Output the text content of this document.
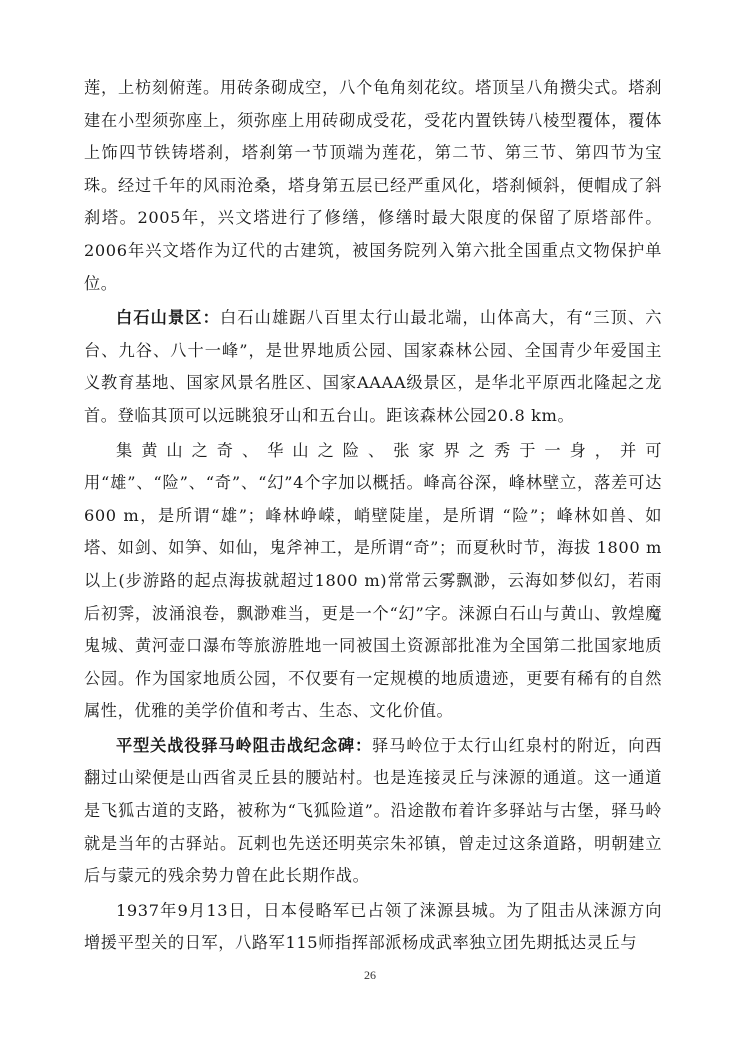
莲，上枋刻俯莲。用砖条砌成空，八个龟角刻花纹。塔顶呈八角攒尖式。塔刹建在小型须弥座上，须弥座上用砖砌成受花，受花内置铁铸八棱型覆体，覆体上饰四节铁铸塔刹，塔刹第一节顶端为莲花，第二节、第三节、第四节为宝珠。经过千年的风雨沧桑，塔身第五层已经严重风化，塔刹倾斜，便帽成了斜刹塔。2005年，兴文塔进行了修缮，修缮时最大限度的保留了原塔部件。2006年兴文塔作为辽代的古建筑，被国务院列入第六批全国重点文物保护单位。

白石山景区：白石山雄踞八百里太行山最北端，山体高大，有“三顶、六台、九谷、八十一峰”，是世界地质公园、国家森林公园、全国青少年爱国主义教育基地、国家风景名胜区、国家AAAA级景区，是华北平原西北隆起之龙首。登临其顶可以远眺狼牙山和五台山。距该森林公园20.8 km。

集黄山之奇、华山之险、张家界之秀于一身，并可用“雄”、“险”、“奇”、“幻”4个字加以概括。峰高谷深，峰林壁立，落差可达600 m，是所谓“雄”；峰林峥嵘，峭壁陡崖，是所谓 “险”；峰林如兽、如塔、如剑、如笋、如仙，鬼斧神工，是所谓“奇”；而夏秋时节，海拔 1800 m以上(步游路的起点海拔就超过1800 m)常常云雾飘渺，云海如梦似幻，若雨后初霁，波涌浪卷，飘渺难当，更是一个“幻”字。涞源白石山与黄山、敦煌魔鬼城、黄河壶口瀑布等旅游胜地一同被国土资源部批准为全国第二批国家地质公园。作为国家地质公园，不仅要有一定规模的地质遗迹，更要有稀有的自然属性，优雅的美学价值和考古、生态、文化价值。

平型关战役驿马岭阻击战纪念碑：驿马岭位于太行山红泉村的附近，向西翻过山梁便是山西省灵丘县的腰站村。也是连接灵丘与涞源的通道。这一通道是飞狐古道的支路，被称为“飞狐险道”。沿途散布着许多驿站与古堡，驿马岭就是当年的古驿站。瓦剌也先送还明英宗朱祁镇，曾走过这条道路，明朝建立后与蒙元的残余势力曾在此长期作战。

1937年9月13日，日本侵略军已占领了涞源县城。为了阻击从涞源方向增援平型关的日军，八路军115师指挥部派杨成武率独立团先期抵达灵丘与

26
